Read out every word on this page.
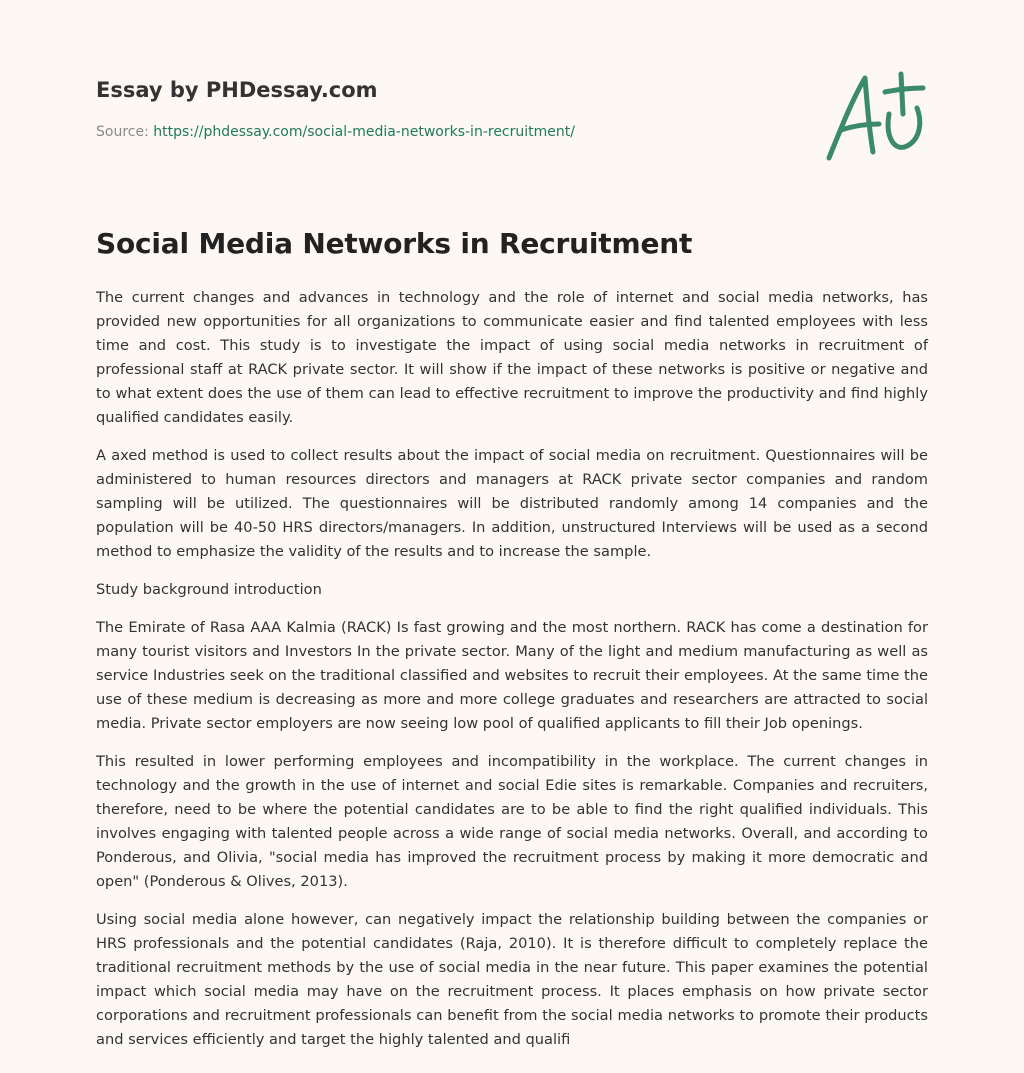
Essay by PHDessay.com
Source: https://phdessay.com/social-media-networks-in-recruitment/
Social Media Networks in Recruitment

The current changes and advances in technology and the role of internet and social media networks, has provided new opportunities for all organizations to communicate easier and find talented employees with less time and cost. This study is to investigate the impact of using social media networks in recruitment of professional staff at RACK private sector. It will show if the impact of these networks is positive or negative and to what extent does the use of them can lead to effective recruitment to improve the productivity and find highly qualified candidates easily.

A axed method is used to collect results about the impact of social media on recruitment. Questionnaires will be administered to human resources directors and managers at RACK private sector companies and random sampling will be utilized. The questionnaires will be distributed randomly among 14 companies and the population will be 40-50 HRS directors/managers. In addition, unstructured Interviews will be used as a second method to emphasize the validity of the results and to increase the sample.

Study background introduction

The Emirate of Rasa AAA Kalmia (RACK) Is fast growing and the most northern. RACK has come a destination for many tourist visitors and Investors In the private sector. Many of the light and medium manufacturing as well as service Industries seek on the traditional classified and websites to recruit their employees. At the same time the use of these medium is decreasing as more and more college graduates and researchers are attracted to social media. Private sector employers are now seeing low pool of qualified applicants to fill their Job openings.

This resulted in lower performing employees and incompatibility in the workplace. The current changes in technology and the growth in the use of internet and social Edie sites is remarkable. Companies and recruiters, therefore, need to be where the potential candidates are to be able to find the right qualified individuals. This involves engaging with talented people across a wide range of social media networks. Overall, and according to Ponderous, and Olivia, "social media has improved the recruitment process by making it more democratic and open" (Ponderous & Olives, 2013).

Using social media alone however, can negatively impact the relationship building between the companies or HRS professionals and the potential candidates (Raja, 2010). It is therefore difficult to completely replace the traditional recruitment methods by the use of social media in the near future. This paper examines the potential impact which social media may have on the recruitment process. It places emphasis on how private sector corporations and recruitment professionals can benefit from the social media networks to promote their products and services efficiently and target the highly talented and qualifi
